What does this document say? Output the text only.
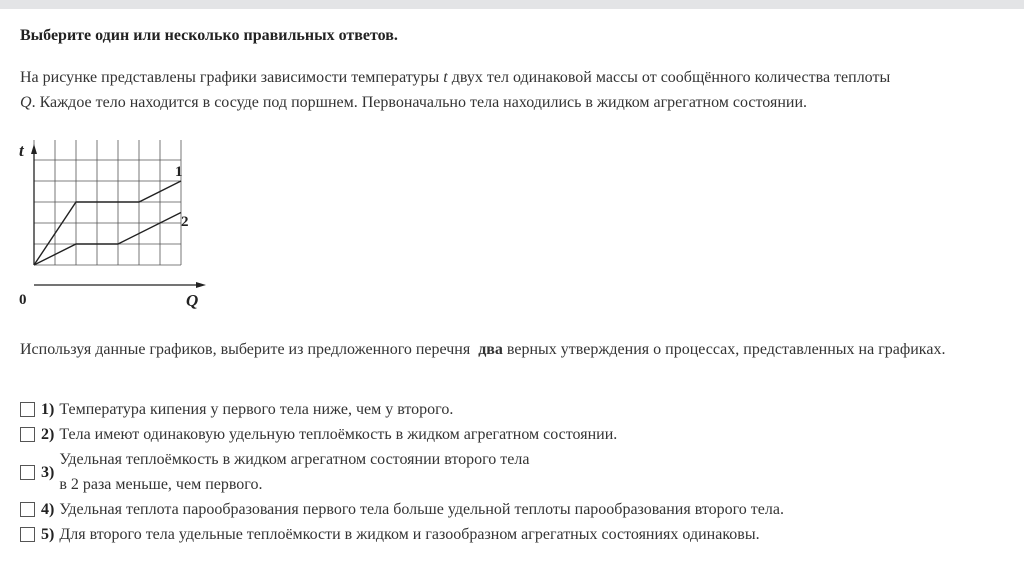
Выберите один или несколько правильных ответов.
На рисунке представлены графики зависимости температуры t двух тел одинаковой массы от сообщённого количества теплоты
Q. Каждое тело находится в сосуде под поршнем. Первоначально тела находились в жидком агрегатном состоянии.
t
Q
0
1
2
Используя данные графиков, выберите из предложенного перечня два верных утверждения о процессах, представленных на графиках.
1) Температура кипения у первого тела ниже, чем у второго.
2) Тела имеют одинаковую удельную теплоёмкость в жидком агрегатном состоянии.
3)
Удельная теплоёмкость в жидком агрегатном состоянии второго тела
в 2 раза меньше, чем первого.
4) Удельная теплота парообразования первого тела больше удельной теплоты парообразования второго тела.
5) Для второго тела удельные теплоёмкости в жидком и газообразном агрегатных состояниях одинаковы.
